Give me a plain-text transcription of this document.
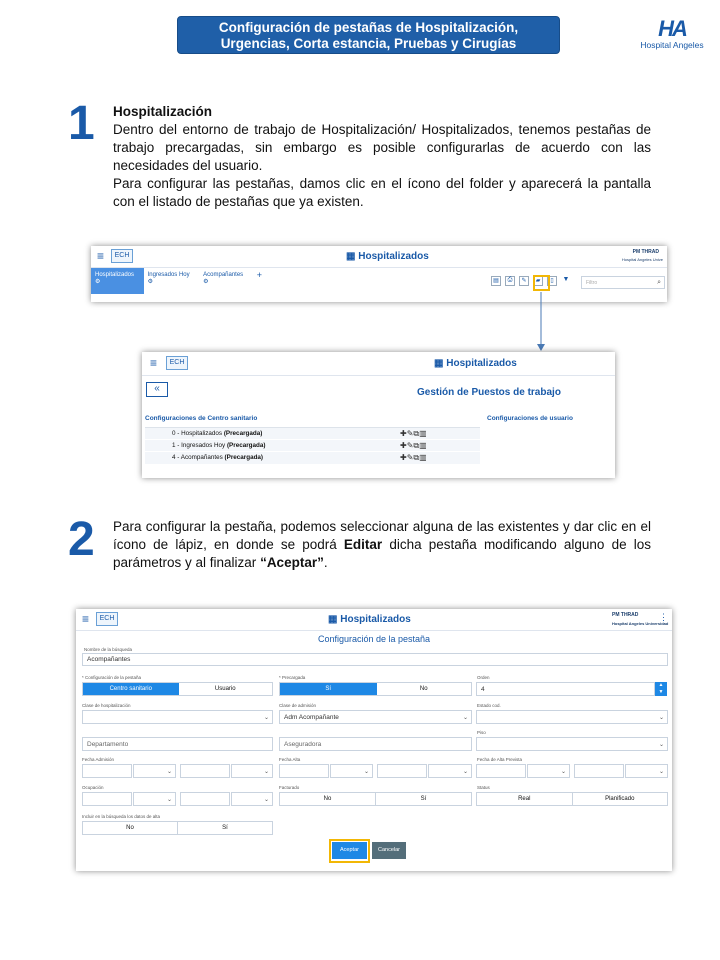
Configuración de pestañas de Hospitalización,
Urgencias, Corta estancia, Pruebas y Cirugías
HA
Hospital Angeles
1 Hospitalización
Dentro del entorno de trabajo de Hospitalización/ Hospitalizados, tenemos pestañas de trabajo precargadas, sin embargo es posible configurarlas de acuerdo con las necesidades del usuario.
Para configurar las pestañas, damos clic en el ícono del folder y aparecerá la pantalla con el listado de pestañas que ya existen.
≡	ECH	▦ Hospitalizados	PM THRAD
Hospital Angeles Unive
Hospitalizados ⚙
Ingresados Hoy ⚙
Acompañantes ⚙
+
▤	⎙	✎	▰	▯	▼	Filtro	⌕
≡	ECH	▦ Hospitalizados
«	Gestión de Puestos de trabajo
Configuraciones de Centro sanitario	Configuraciones de usuario
0 - Hospitalizados (Precargada)	✚✎⧉▥
1 - Ingresados Hoy (Precargada)	✚✎⧉▥
4 - Acompañantes (Precargada)	✚✎⧉▥
2 Para configurar la pestaña, podemos seleccionar alguna de las existentes y dar clic en el ícono de lápiz, en donde se podrá Editar dicha pestaña modificando alguno de los parámetros y al finalizar “Aceptar”.
≡	ECH	▦ Hospitalizados	PM THRAD
Hospital Angeles Universidad
⋮
Configuración de la pestaña
Nombre de la búsqueda
Acompañantes
* Configuración de la pestaña
Centro sanitario	Usuario
* Precargada
Sí	No
Orden
4
▲
▼
Clase de hospitalización
⌄
Clase de admisión
Adm Acompañante	⌄
Estado cod.
⌄
Departamento	Aseguradora
Piso
⌄
Fecha Admisión
⌄	⌄
Fecha Alta
⌄	⌄
Fecha de Alta Prevista
⌄	⌄
Ocupación
⌄	⌄
Facturado
No	Sí
Status
Real	Planificado
Incluir en la búsqueda los datos de alta
No	Sí
Aceptar	Cancelar
